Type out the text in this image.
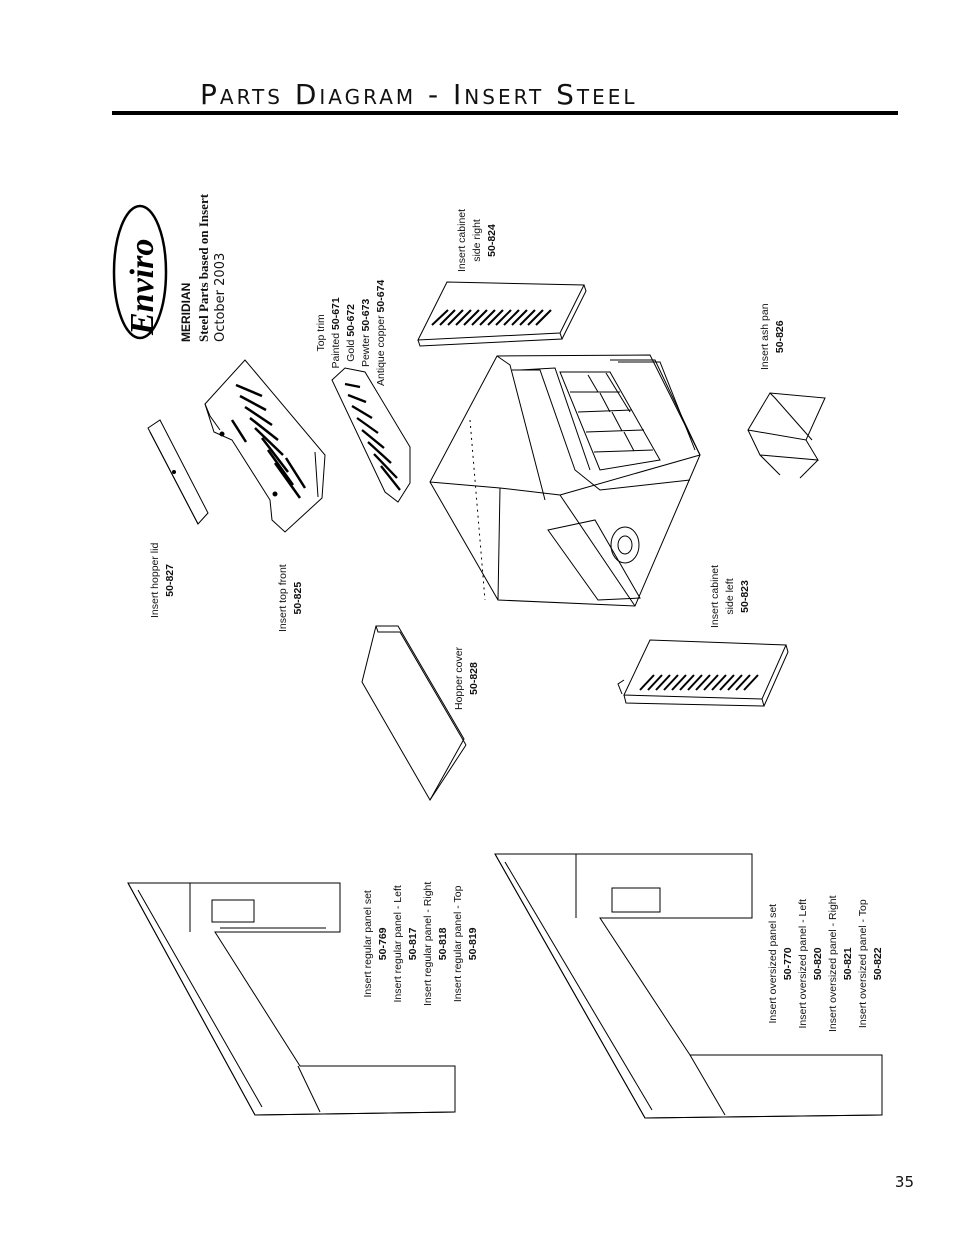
Parts Diagram - Insert Steel
Enviro MERIDIAN Steel Parts based on Insert October 2003
Insert hopper lid 50-827	Insert top front 50-825
Top trim Painted 50-671
Gold 50-672
Pewter 50-673
Antique copper 50-674
Insert cabinet side right 50-824
Insert ash pan 50-826
Insert cabinet side left 50-823
Hopper cover 50-828
Insert regular panel set 50-769 Insert regular panel - Left 50-817 Insert regular panel - Right 50-818 Insert regular panel - Top 50-819	Insert oversized panel set 50-770 Insert oversized panel - Left 50-820 Insert oversized panel - Right 50-821 Insert oversized panel - Top 50-822
35
